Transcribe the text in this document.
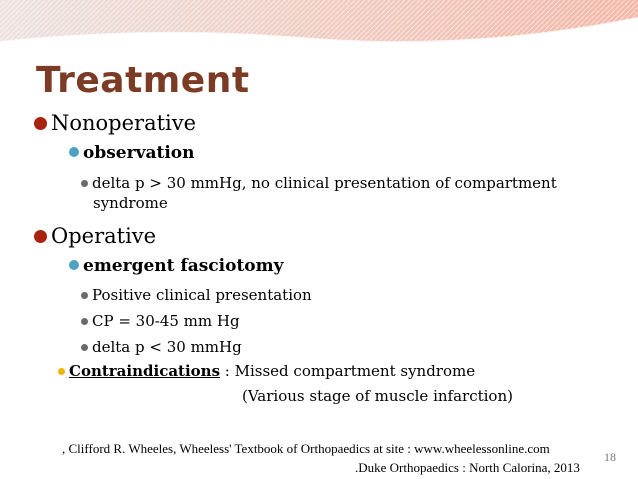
Treatment
Nonoperative
observation
delta p > 30 mmHg, no clinical presentation of compartment
syndrome
Operative
emergent fasciotomy
Positive clinical presentation
CP = 30-45 mm Hg
delta p < 30 mmHg
Contraindications : Missed compartment syndrome
(Various stage of muscle infarction)
, Clifford R. Wheeles, Wheeless' Textbook of Orthopaedics at site : www.wheelessonline.com
.Duke Orthopaedics : North Calorina, 2013
18
